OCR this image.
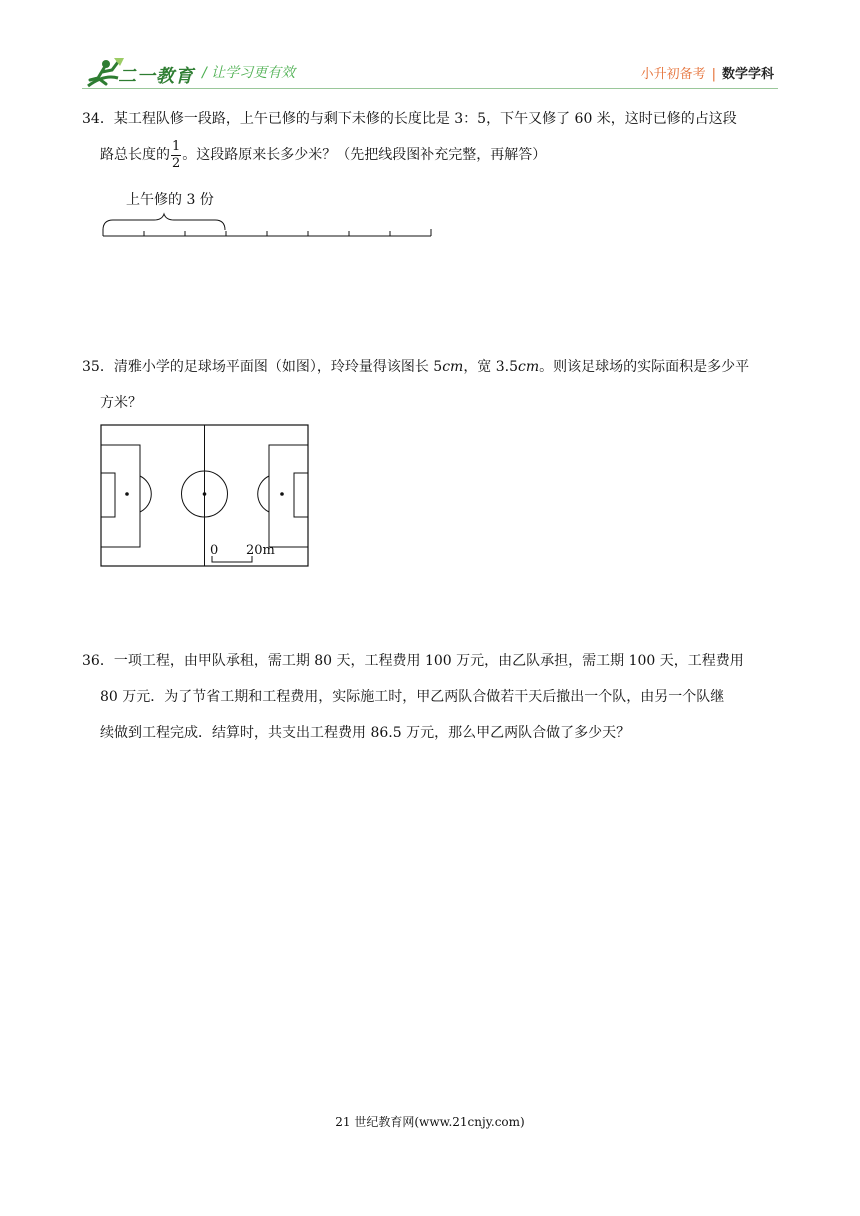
二一教育 / 让学习更有效	小升初备考 | 数学学科
34．某工程队修一段路，上午已修的与剩下未修的长度比是 3：5，下午又修了 60 米，这时已修的占这段
路总长度的 $\frac{1}{2}$ 。这段路原来长多少米？（先把线段图补充完整，再解答）
上午修的 3 份
35．清雅小学的足球场平面图（如图），玲玲量得该图长 5cm，宽 3.5cm。则该足球场的实际面积是多少平
方米？
0 20m
36．一项工程，由甲队承租，需工期 80 天，工程费用 100 万元，由乙队承担，需工期 100 天，工程费用
80 万元．为了节省工期和工程费用，实际施工时，甲乙两队合做若干天后撤出一个队，由另一个队继
续做到工程完成．结算时，共支出工程费用 86.5 万元，那么甲乙两队合做了多少天？
21 世纪教育网(www.21cnjy.com)
